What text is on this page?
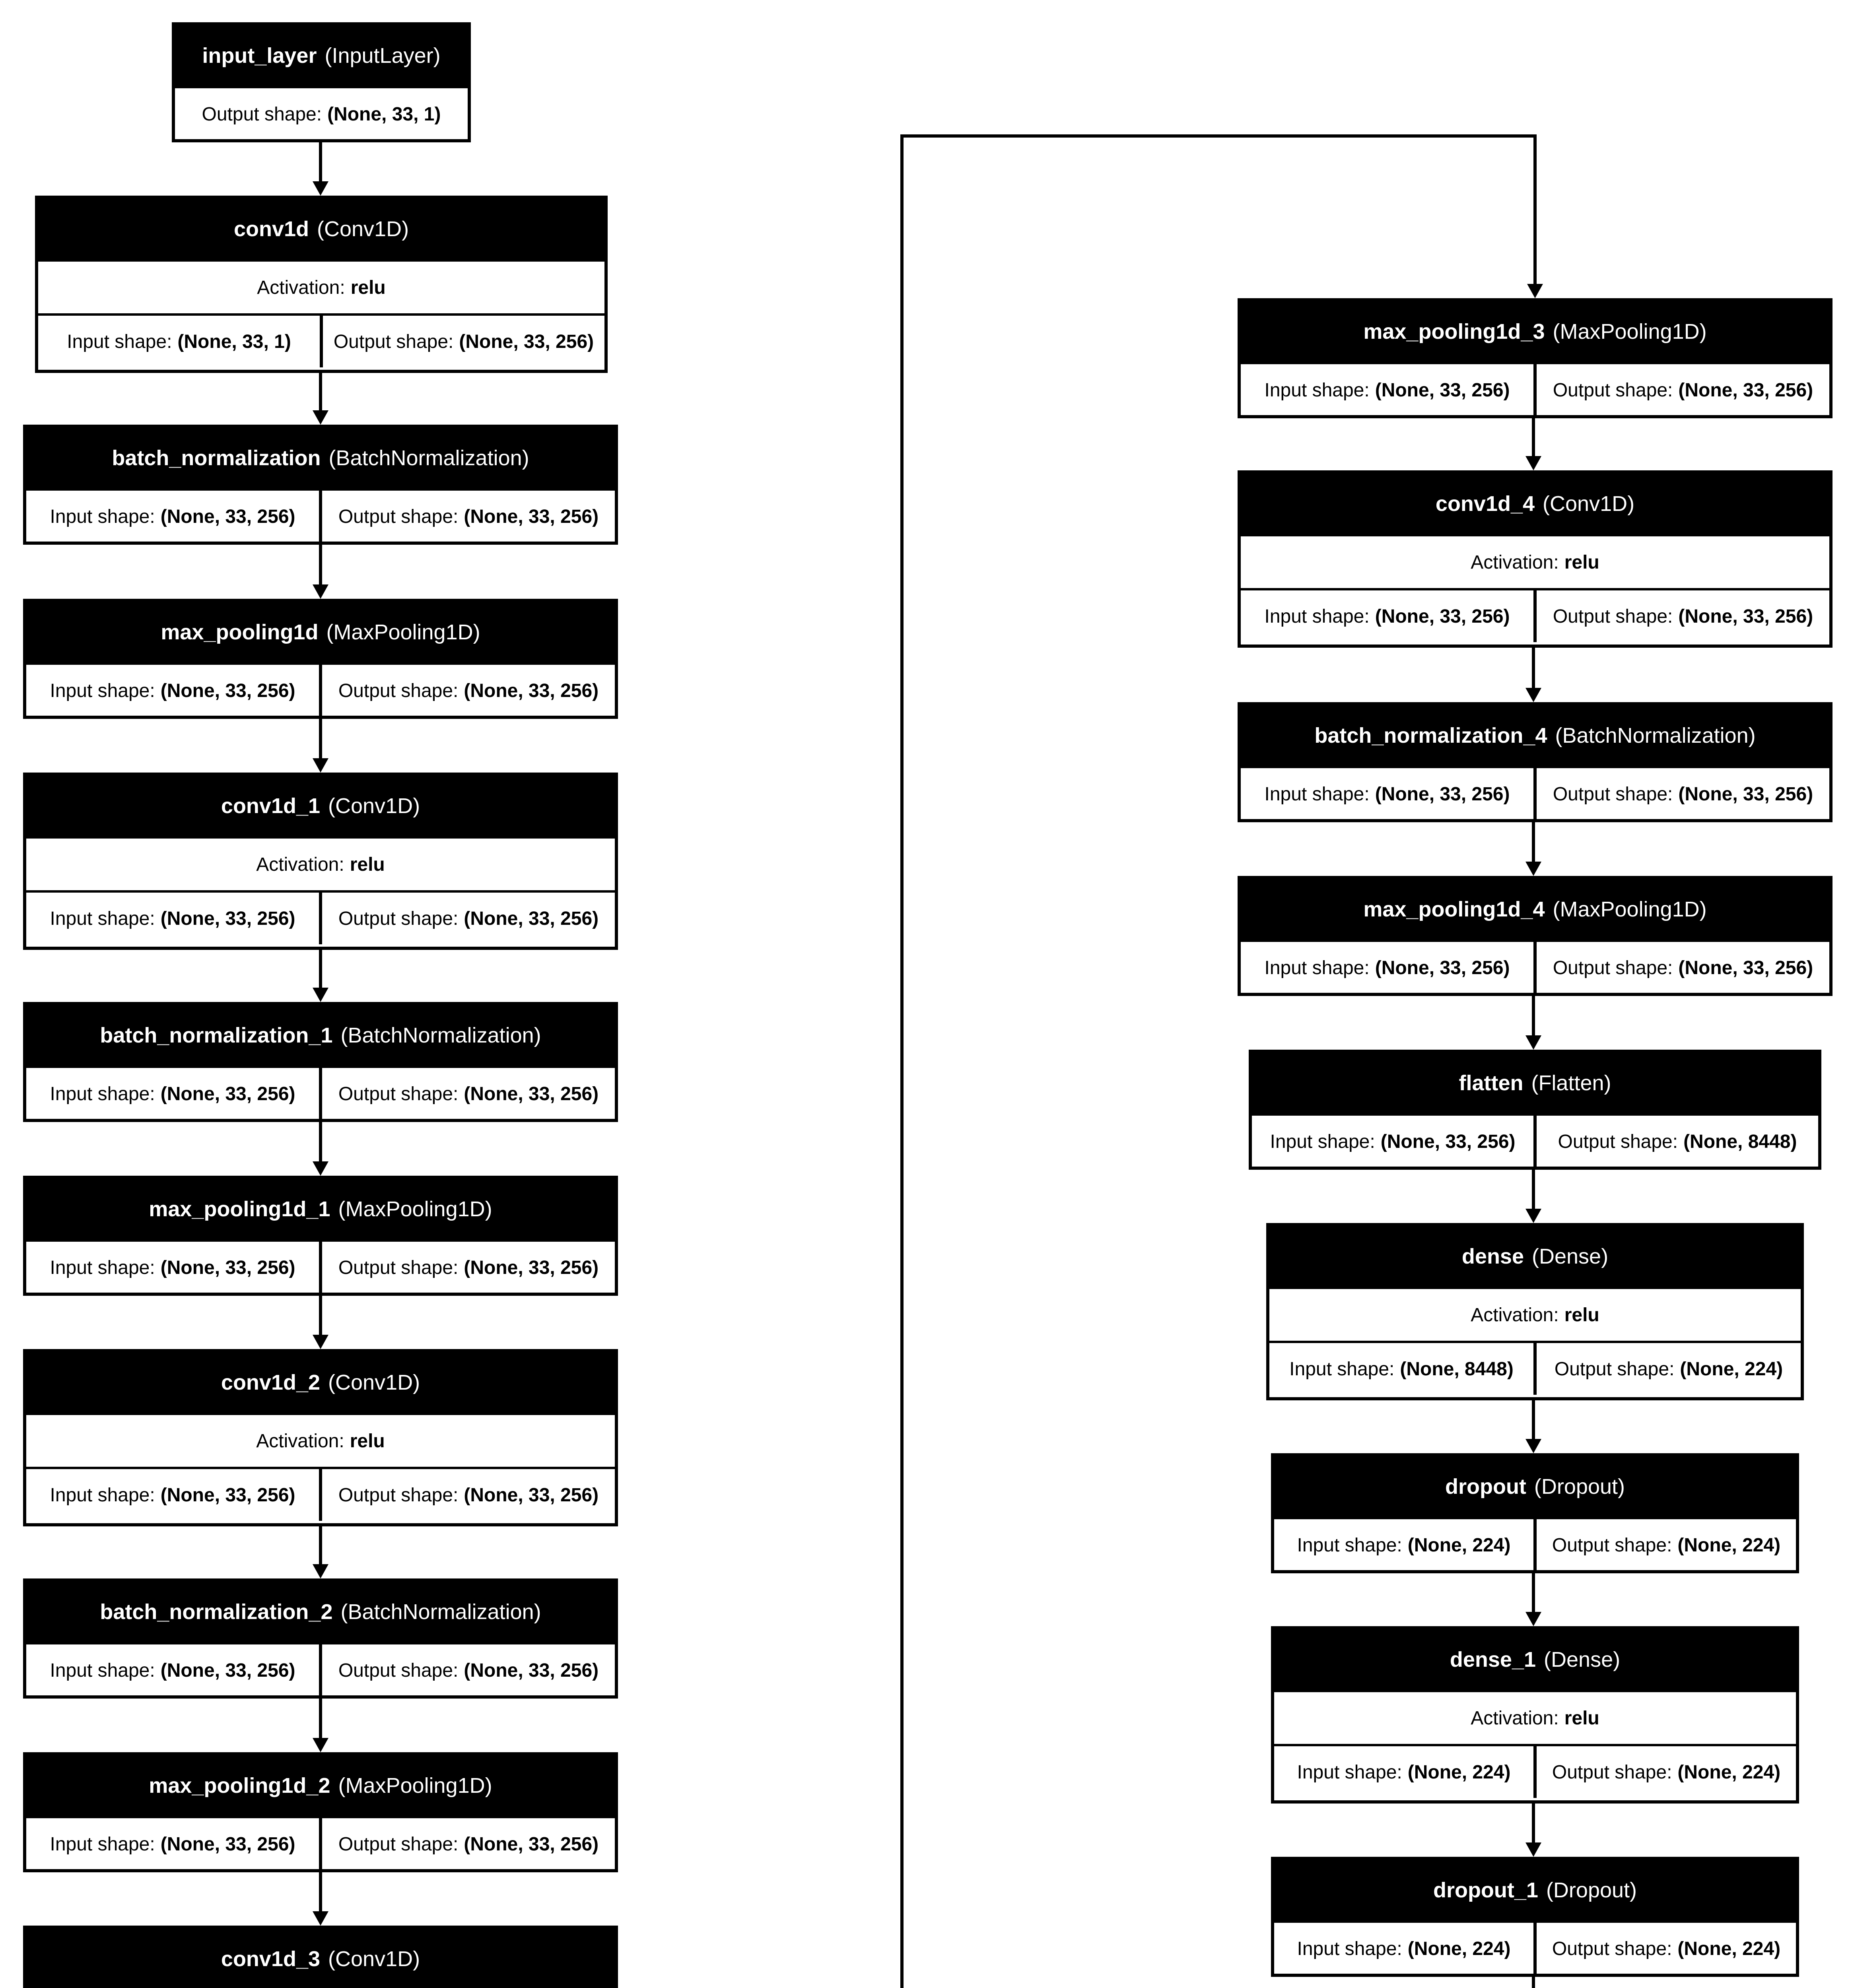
input_layer (InputLayer)
Output shape: (None, 33, 1)
conv1d (Conv1D)
Activation: relu
Input shape: (None, 33, 1) Output shape: (None, 33, 256)
batch_normalization (BatchNormalization)
Input shape: (None, 33, 256) Output shape: (None, 33, 256)
max_pooling1d (MaxPooling1D)
Input shape: (None, 33, 256) Output shape: (None, 33, 256)
conv1d_1 (Conv1D)
Activation: relu
Input shape: (None, 33, 256) Output shape: (None, 33, 256)
batch_normalization_1 (BatchNormalization)
Input shape: (None, 33, 256) Output shape: (None, 33, 256)
max_pooling1d_1 (MaxPooling1D)
Input shape: (None, 33, 256) Output shape: (None, 33, 256)
conv1d_2 (Conv1D)
Activation: relu
Input shape: (None, 33, 256) Output shape: (None, 33, 256)
batch_normalization_2 (BatchNormalization)
Input shape: (None, 33, 256) Output shape: (None, 33, 256)
max_pooling1d_2 (MaxPooling1D)
Input shape: (None, 33, 256) Output shape: (None, 33, 256)
conv1d_3 (Conv1D)
max_pooling1d_3 (MaxPooling1D)
Input shape: (None, 33, 256) Output shape: (None, 33, 256)
conv1d_4 (Conv1D)
Activation: relu
Input shape: (None, 33, 256) Output shape: (None, 33, 256)
batch_normalization_4 (BatchNormalization)
Input shape: (None, 33, 256) Output shape: (None, 33, 256)
max_pooling1d_4 (MaxPooling1D)
Input shape: (None, 33, 256) Output shape: (None, 33, 256)
flatten (Flatten)
Input shape: (None, 33, 256) Output shape: (None, 8448)
dense (Dense)
Activation: relu
Input shape: (None, 8448) Output shape: (None, 224)
dropout (Dropout)
Input shape: (None, 224) Output shape: (None, 224)
dense_1 (Dense)
Activation: relu
Input shape: (None, 224) Output shape: (None, 224)
dropout_1 (Dropout)
Input shape: (None, 224) Output shape: (None, 224)
